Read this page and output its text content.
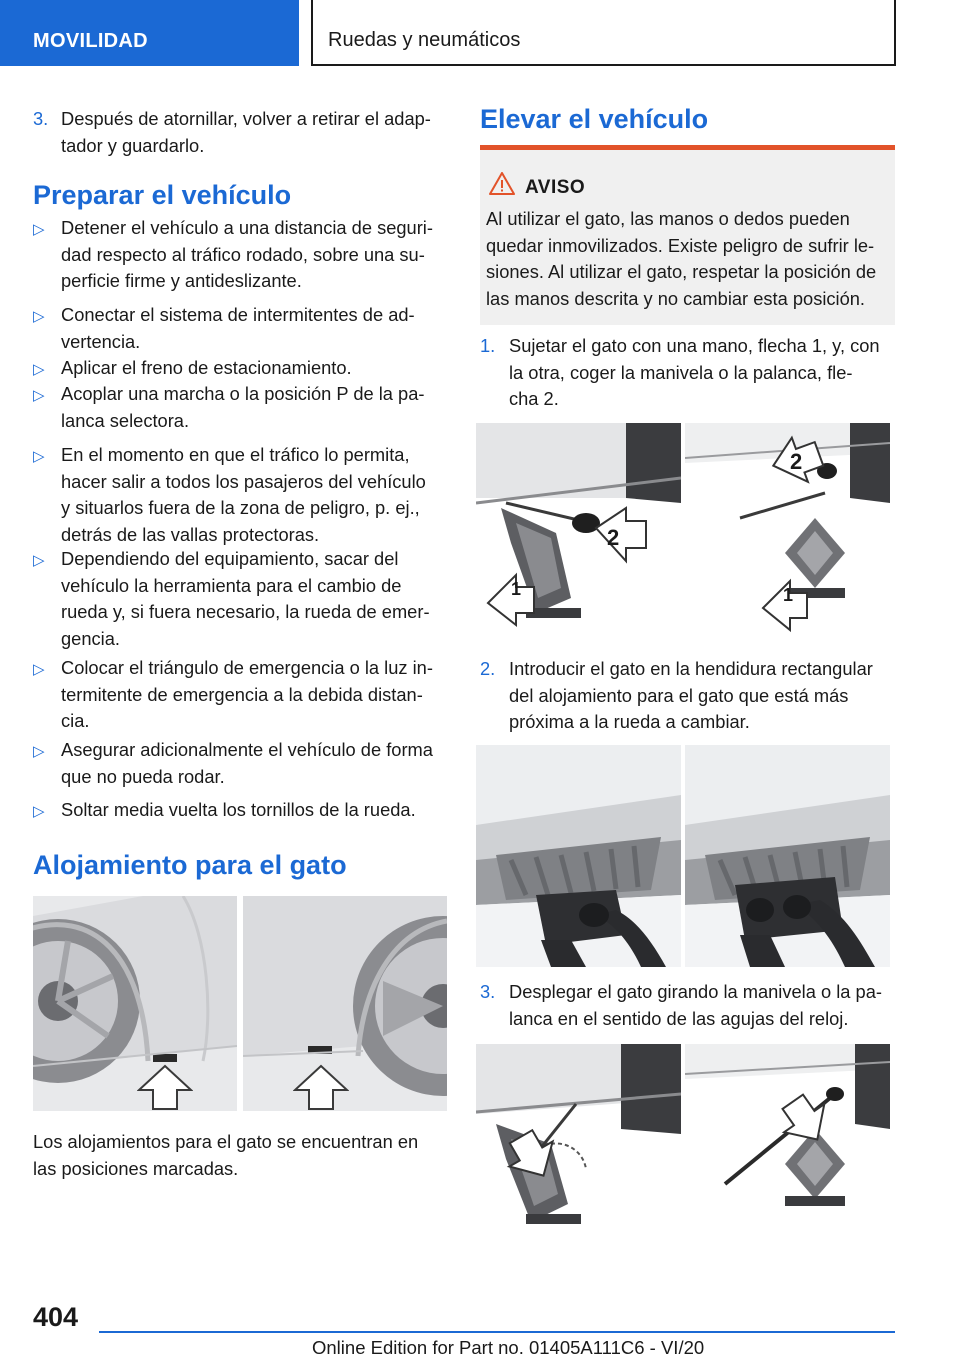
MOVILIDAD	Ruedas y neumáticos
3. Después de atornillar, volver a retirar el adap-
tador y guardarlo.
Preparar el vehículo
▷ Detener el vehículo a una distancia de seguri-
dad respecto al tráfico rodado, sobre una su-
perficie firme y antideslizante.
▷ Conectar el sistema de intermitentes de ad-
vertencia.
▷ Aplicar el freno de estacionamiento.
▷ Acoplar una marcha o la posición P de la pa-
lanca selectora.
▷ En el momento en que el tráfico lo permita,
hacer salir a todos los pasajeros del vehículo
y situarlos fuera de la zona de peligro, p. ej.,
detrás de las vallas protectoras.
▷ Dependiendo del equipamiento, sacar del
vehículo la herramienta para el cambio de
rueda y, si fuera necesario, la rueda de emer-
gencia.
▷ Colocar el triángulo de emergencia o la luz in-
termitente de emergencia a la debida distan-
cia.
▷ Asegurar adicionalmente el vehículo de forma
que no pueda rodar.
▷ Soltar media vuelta los tornillos de la rueda.
Alojamiento para el gato
Los alojamientos para el gato se encuentran en
las posiciones marcadas.
Elevar el vehículo
AVISO
Al utilizar el gato, las manos o dedos pueden
quedar inmovilizados. Existe peligro de sufrir le-
siones. Al utilizar el gato, respetar la posición de
las manos descrita y no cambiar esta posición.
1. Sujetar el gato con una mano, flecha 1, y, con
la otra, coger la manivela o la palanca, fle-
cha 2.
2
1
2
1
2. Introducir el gato en la hendidura rectangular
del alojamiento para el gato que está más
próxima a la rueda a cambiar.
3. Desplegar el gato girando la manivela o la pa-
lanca en el sentido de las agujas del reloj.
404
Online Edition for Part no. 01405A111C6 - VI/20
